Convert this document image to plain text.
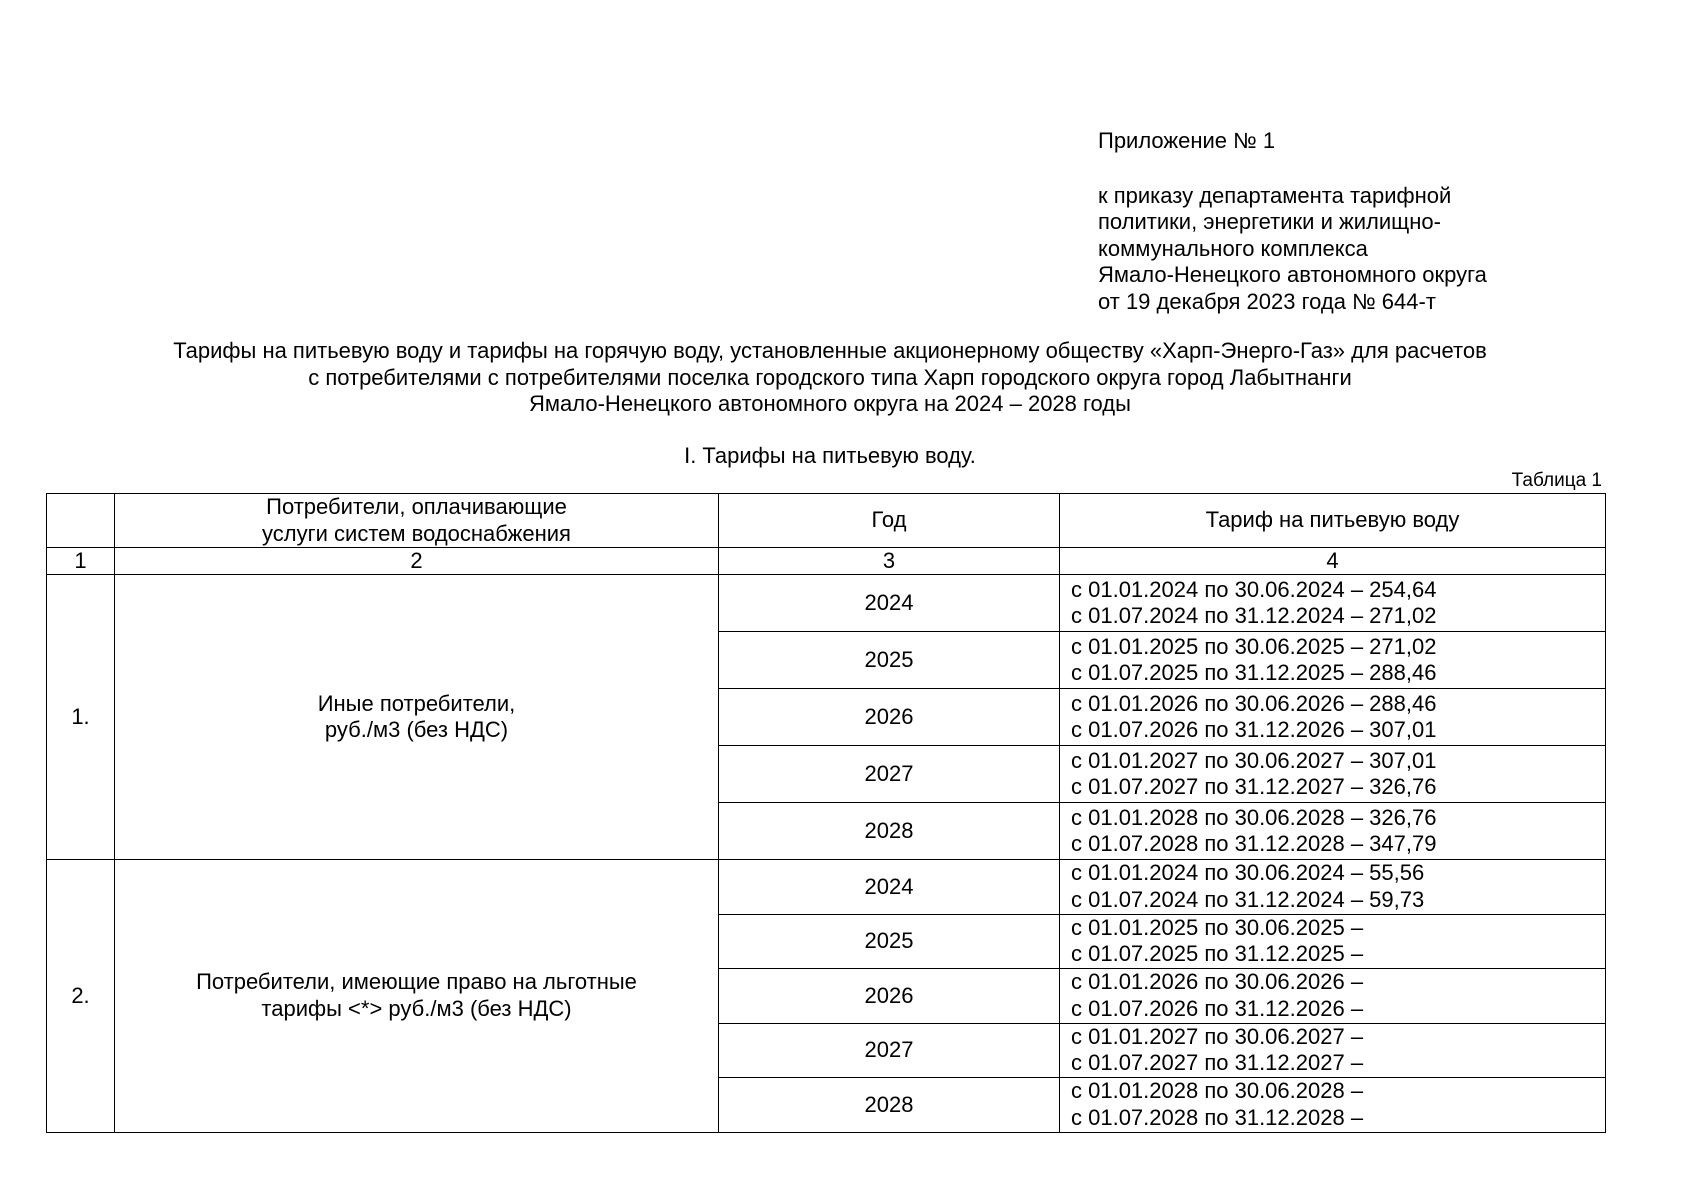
Приложение № 1
к приказу департамента тарифной
политики, энергетики и жилищно-
коммунального комплекса
Ямало-Ненецкого автономного округа
от 19 декабря 2023 года № 644-т
Тарифы на питьевую воду и тарифы на горячую воду, установленные акционерному обществу «Харп-Энерго-Газ» для расчетов
с потребителями с потребителями поселка городского типа Харп городского округа город Лабытнанги
Ямало-Ненецкого автономного округа на 2024 – 2028 годы
I. Тарифы на питьевую воду.
Таблица 1

	Потребители, оплачивающие
услуги систем водоснабжения	Год	Тариф на питьевую воду
1	2	3	4
1.	Иные потребители,
руб./м3 (без НДС)	2024	с 01.01.2024 по 30.06.2024 – 254,64
с 01.07.2024 по 31.12.2024 – 271,02

		2025	с 01.01.2025 по 30.06.2025 – 271,02
с 01.07.2025 по 31.12.2025 – 288,46

		2026	с 01.01.2026 по 30.06.2026 – 288,46
с 01.07.2026 по 31.12.2026 – 307,01

		2027	с 01.01.2027 по 30.06.2027 – 307,01
с 01.07.2027 по 31.12.2027 – 326,76

		2028	с 01.01.2028 по 30.06.2028 – 326,76
с 01.07.2028 по 31.12.2028 – 347,79

2.	Потребители, имеющие право на льготные
тарифы <*> руб./м3 (без НДС)	2024	с 01.01.2024 по 30.06.2024 – 55,56
с 01.07.2024 по 31.12.2024 – 59,73

		2025	с 01.01.2025 по 30.06.2025 –
с 01.07.2025 по 31.12.2025 –

		2026	с 01.01.2026 по 30.06.2026 –
с 01.07.2026 по 31.12.2026 –

		2027	с 01.01.2027 по 30.06.2027 –
с 01.07.2027 по 31.12.2027 –

		2028	с 01.01.2028 по 30.06.2028 –
с 01.07.2028 по 31.12.2028 –
